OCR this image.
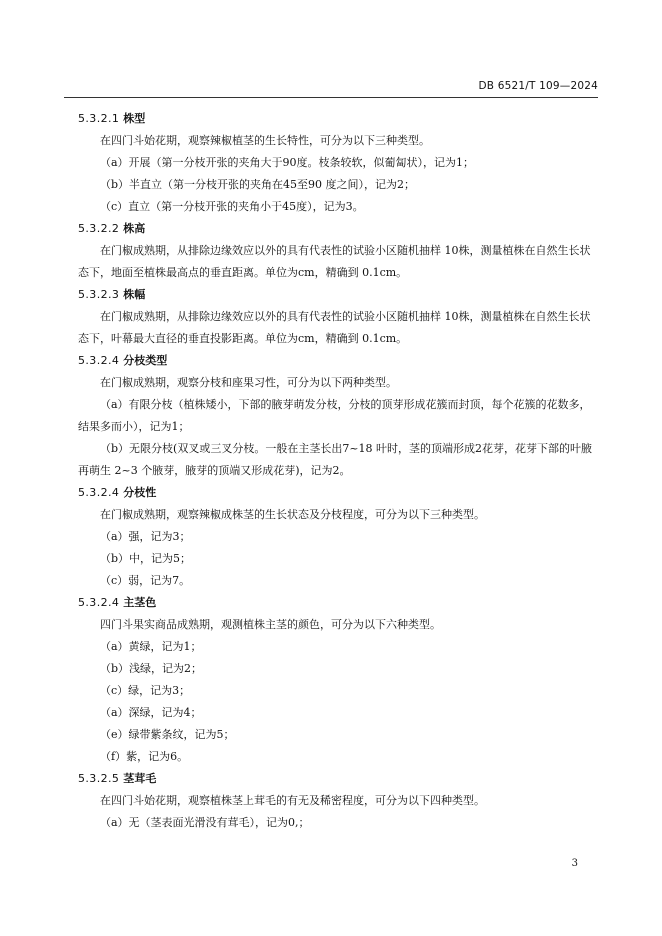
DB 6521/T 109—2024
5.3.2.1 株型
在四门斗始花期，观察辣椒植茎的生长特性，可分为以下三种类型。
（a）开展（第一分枝开张的夹角大于90度。枝条较软，似葡匐状），记为1；
（b）半直立（第一分枝开张的夹角在45至90 度之间），记为2；
（c）直立（第一分枝开张的夹角小于45度），记为3。
5.3.2.2 株高
在门椒成熟期，从排除边缘效应以外的具有代表性的试验小区随机抽样 10株，测量植株在自然生长状态下，地面至植株最高点的垂直距离。单位为cm，精确到 0.1cm。
5.3.2.3 株幅
在门椒成熟期，从排除边缘效应以外的具有代表性的试验小区随机抽样 10株，测量植株在自然生长状态下，叶幕最大直径的垂直投影距离。单位为cm，精确到 0.1cm。
5.3.2.4 分枝类型
在门椒成熟期，观察分枝和座果习性，可分为以下两种类型。
（a）有限分枝（植株矮小，下部的腋芽萌发分枝，分枝的顶芽形成花簇而封顶，每个花簇的花数多，结果多而小），记为1；
（b）无限分枝(双叉或三叉分枝。一般在主茎长出7~18 叶时，茎的顶端形成2花芽，花芽下部的叶腋再萌生 2~3 个腋芽，腋芽的顶端又形成花芽)，记为2。
5.3.2.4 分枝性
在门椒成熟期，观察辣椒成株茎的生长状态及分枝程度，可分为以下三种类型。
（a）强，记为3；
（b）中，记为5；
（c）弱，记为7。
5.3.2.4 主茎色
四门斗果实商品成熟期，观测植株主茎的颜色，可分为以下六种类型。
（a）黄绿，记为1；
（b）浅绿，记为2；
（c）绿，记为3；
（a）深绿，记为4；
（e）绿带紫条纹，记为5；
（f）紫，记为6。
5.3.2.5 茎茸毛
在四门斗始花期，观察植株茎上茸毛的有无及稀密程度，可分为以下四种类型。
（a）无（茎表面光滑没有茸毛），记为0,；
3
